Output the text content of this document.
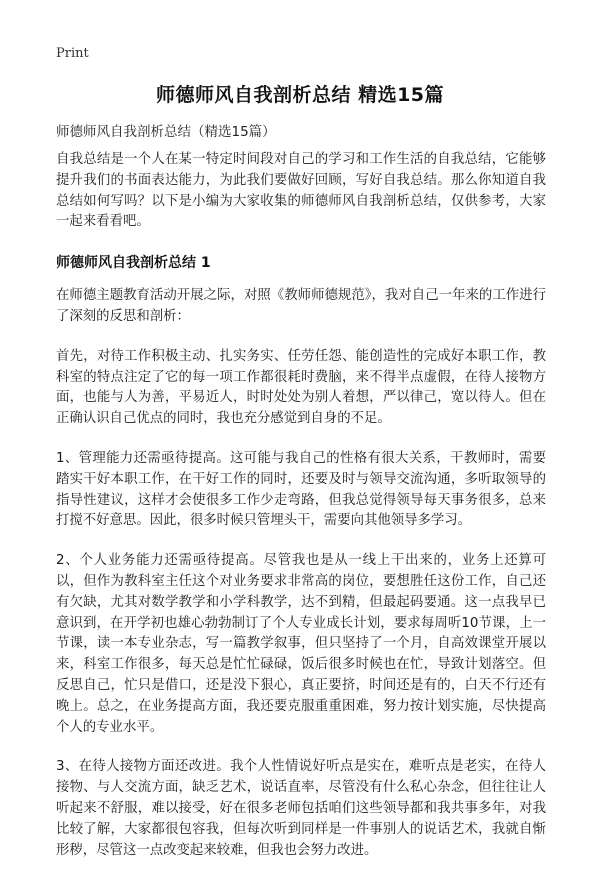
Print
师德师风自我剖析总结 精选15篇
师德师风自我剖析总结（精选15篇）

自我总结是一个人在某一特定时间段对自己的学习和工作生活的自我总结，它能够提升我们的书面表达能力，为此我们要做好回顾，写好自我总结。那么你知道自我总结如何写吗？以下是小编为大家收集的师德师风自我剖析总结，仅供参考，大家一起来看看吧。

师德师风自我剖析总结 1

在师德主题教育活动开展之际，对照《教师师德规范》，我对自己一年来的工作进行了深刻的反思和剖析：

首先，对待工作积极主动、扎实务实、任劳任怨、能创造性的完成好本职工作，教科室的特点注定了它的每一项工作都很耗时费脑，来不得半点虚假，在待人接物方面，也能与人为善，平易近人，时时处处为别人着想，严以律己，宽以待人。但在正确认识自己优点的同时，我也充分感觉到自身的不足。

1、管理能力还需亟待提高。这可能与我自己的性格有很大关系，干教师时，需要踏实干好本职工作，在干好工作的同时，还要及时与领导交流沟通，多听取领导的指导性建议，这样才会使很多工作少走弯路，但我总觉得领导每天事务很多，总来打搅不好意思。因此，很多时候只管埋头干，需要向其他领导多学习。

2、个人业务能力还需亟待提高。尽管我也是从一线上干出来的，业务上还算可以，但作为教科室主任这个对业务要求非常高的岗位，要想胜任这份工作，自己还有欠缺，尤其对数学教学和小学科教学，达不到精，但最起码要通。这一点我早已意识到，在开学初也雄心勃勃制订了个人专业成长计划，要求每周听10节课，上一节课，读一本专业杂志，写一篇教学叙事，但只坚持了一个月，自高效课堂开展以来，科室工作很多，每天总是忙忙碌碌，饭后很多时候也在忙，导致计划落空。但反思自己，忙只是借口，还是没下狠心，真正要挤，时间还是有的，白天不行还有晚上。总之，在业务提高方面，我还要克服重重困难，努力按计划实施，尽快提高个人的专业水平。

3、在待人接物方面还改进。我个人性情说好听点是实在，难听点是老实，在待人接物、与人交流方面，缺乏艺术，说话直率，尽管没有什么私心杂念，但往往让人听起来不舒服，难以接受，好在很多老师包括咱们这些领导都和我共事多年，对我比较了解，大家都很包容我，但每次听到同样是一件事别人的说话艺术，我就自惭形秽，尽管这一点改变起来较难，但我也会努力改进。
